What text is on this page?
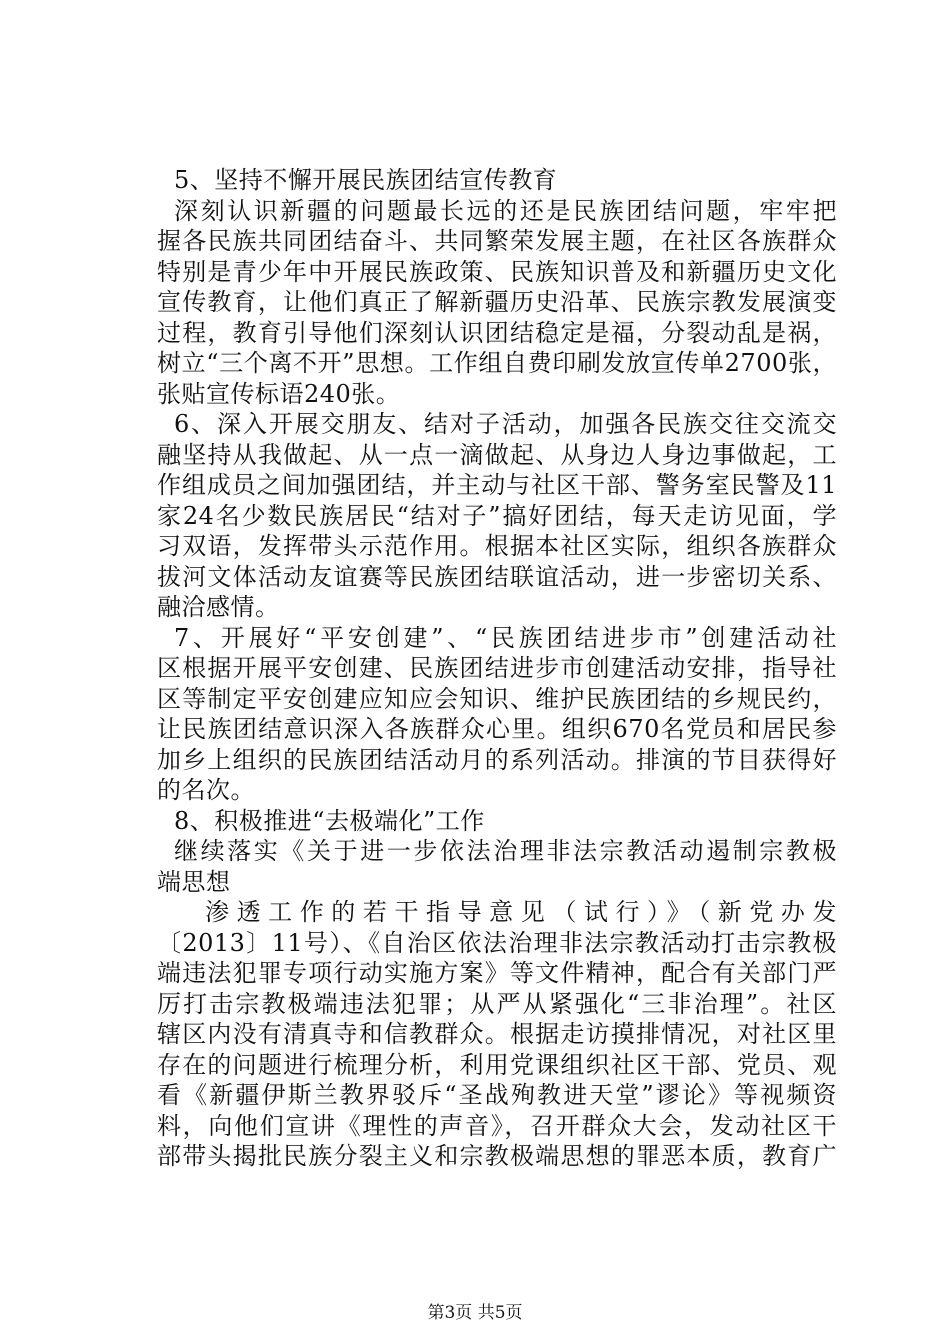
5、坚持不懈开展民族团结宣传教育
深刻认识新疆的问题最长远的还是民族团结问题，牢牢把
握各民族共同团结奋斗、共同繁荣发展主题，在社区各族群众
特别是青少年中开展民族政策、民族知识普及和新疆历史文化
宣传教育，让他们真正了解新疆历史沿革、民族宗教发展演变
过程，教育引导他们深刻认识团结稳定是福，分裂动乱是祸，
树立“三个离不开”思想。工作组自费印刷发放宣传单2700张，
张贴宣传标语240张。
6、深入开展交朋友、结对子活动，加强各民族交往交流交
融坚持从我做起、从一点一滴做起、从身边人身边事做起，工
作组成员之间加强团结，并主动与社区干部、警务室民警及11
家24名少数民族居民“结对子”搞好团结，每天走访见面，学
习双语，发挥带头示范作用。根据本社区实际，组织各族群众
拔河文体活动友谊赛等民族团结联谊活动，进一步密切关系、
融洽感情。
7、开展好“平安创建”、“民族团结进步市”创建活动社
区根据开展平安创建、民族团结进步市创建活动安排，指导社
区等制定平安创建应知应会知识、维护民族团结的乡规民约，
让民族团结意识深入各族群众心里。组织670名党员和居民参
加乡上组织的民族团结活动月的系列活动。排演的节目获得好
的名次。
8、积极推进“去极端化”工作
继续落实《关于进一步依法治理非法宗教活动遏制宗教极
端思想
渗透工作的若干指导意见（试行）》（新党办发
〔2013〕11号）、《自治区依法治理非法宗教活动打击宗教极
端违法犯罪专项行动实施方案》等文件精神，配合有关部门严
厉打击宗教极端违法犯罪；从严从紧强化“三非治理”。社区
辖区内没有清真寺和信教群众。根据走访摸排情况，对社区里
存在的问题进行梳理分析，利用党课组织社区干部、党员、观
看《新疆伊斯兰教界驳斥“圣战殉教进天堂”谬论》等视频资
料，向他们宣讲《理性的声音》，召开群众大会，发动社区干
部带头揭批民族分裂主义和宗教极端思想的罪恶本质，教育广
第3页 共5页
